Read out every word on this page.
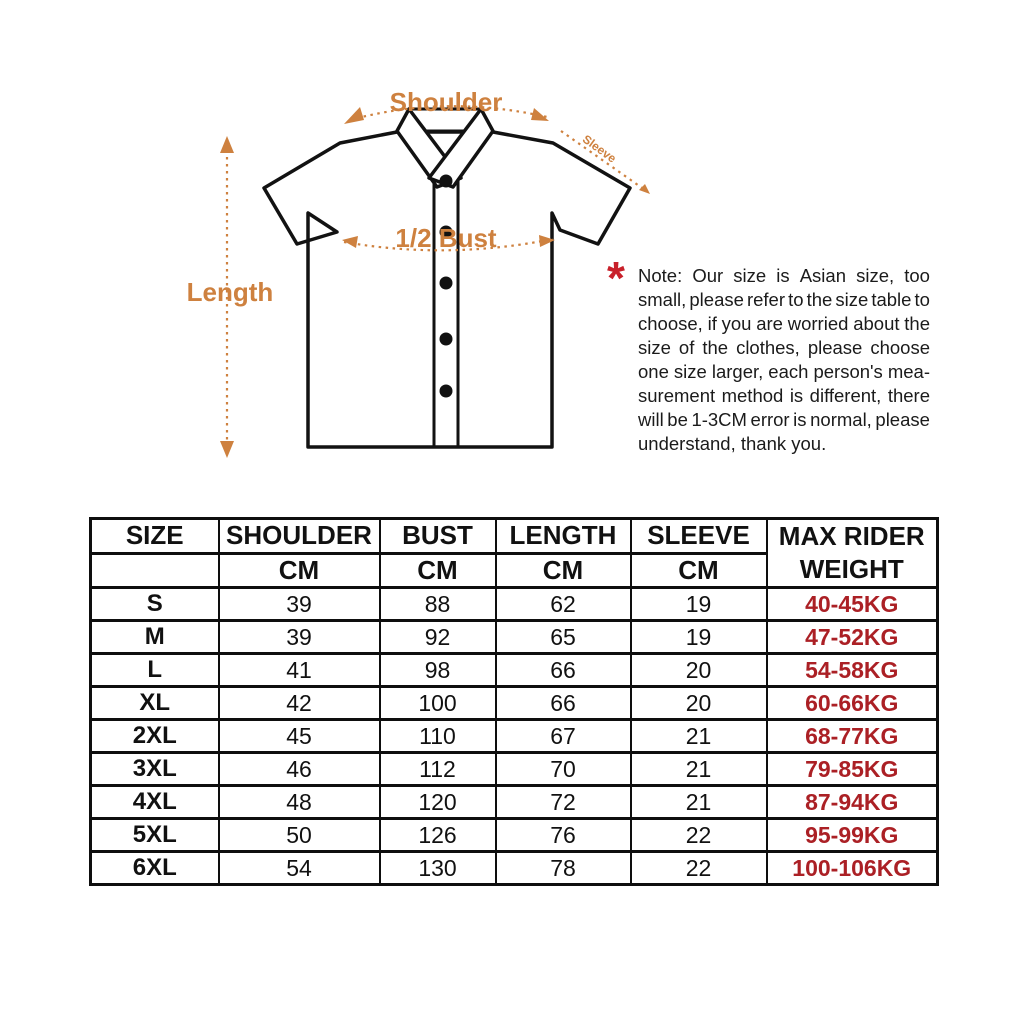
Shoulder
1/2 Bust
Length
Sleeve
* Note: Our size is Asian size, too
small, please refer to the size table to
choose, if you are worried about the
size of the clothes, please choose
one size larger, each person's mea-
surement method is different, there
will be 1-3CM error is normal, please
understand, thank you.
SIZE	SHOULDER	BUST	LENGTH	SLEEVE	MAX RIDER
WEIGHT

	CM	CM	CM	CM	
S	39	88	62	19	40-45KG
M	39	92	65	19	47-52KG
L	41	98	66	20	54-58KG
XL	42	100	66	20	60-66KG
2XL	45	110	67	21	68-77KG
3XL	46	112	70	21	79-85KG
4XL	48	120	72	21	87-94KG
5XL	50	126	76	22	95-99KG
6XL	54	130	78	22	100-106KG
